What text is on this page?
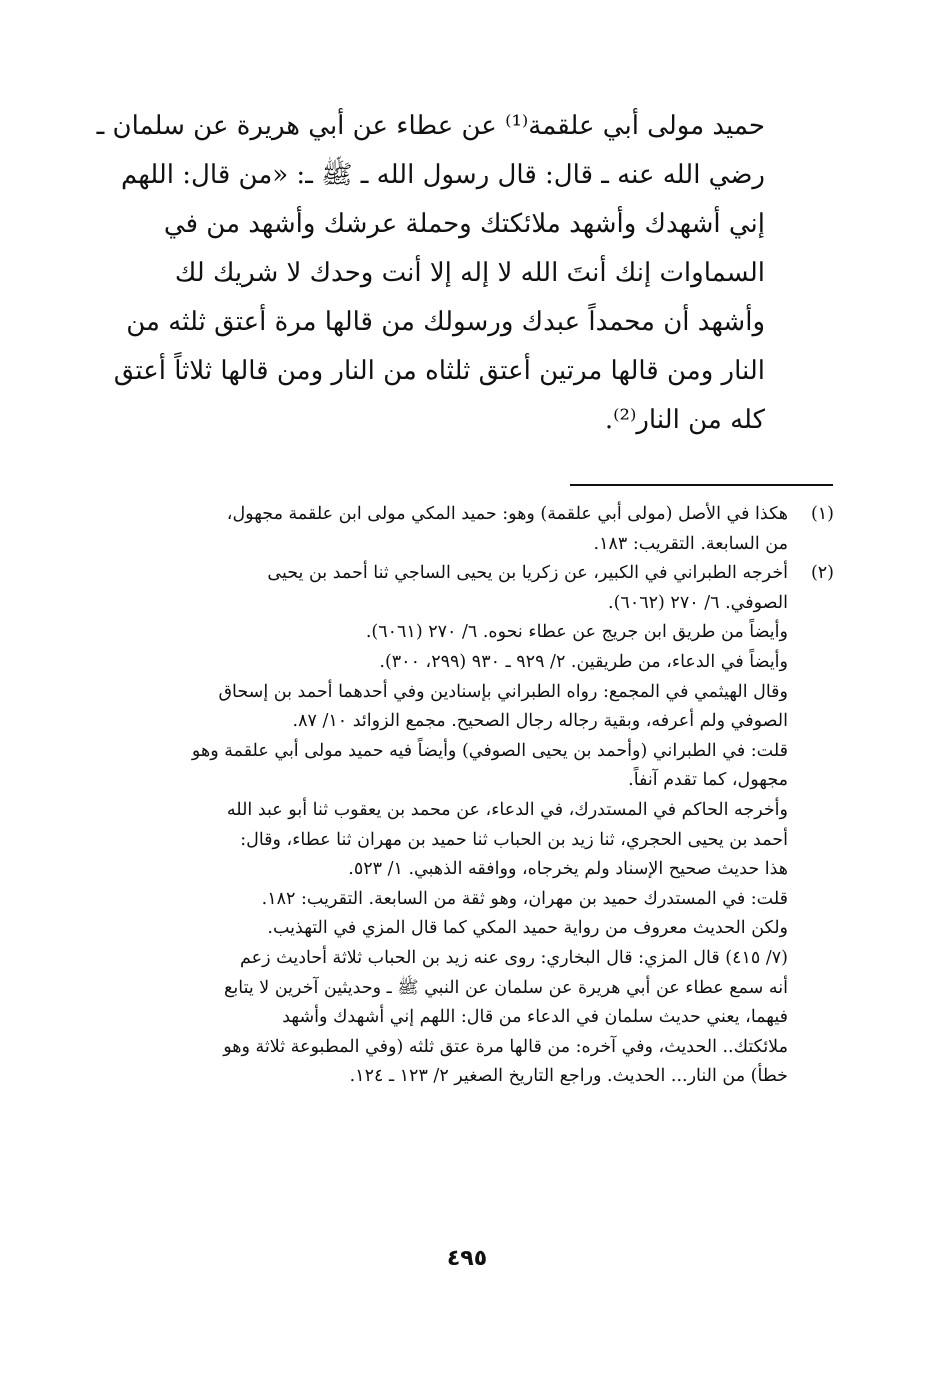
حميد مولى أبي علقمة⁽¹⁾ عن عطاء عن أبي هريرة عن سلمان ـ
رضي الله عنه ـ قال: قال رسول الله ـ ﷺ ـ: «من قال: اللهم
إني أشهدك وأشهد ملائكتك وحملة عرشك وأشهد من في
السماوات إنك أنتَ الله لا إله إلا أنت وحدك لا شريك لك
وأشهد أن محمداً عبدك ورسولك من قالها مرة أعتق ثلثه من
النار ومن قالها مرتين أعتق ثلثاه من النار ومن قالها ثلاثاً أعتق
كله من النار⁽²⁾.
(١)
هكذا في الأصل (مولى أبي علقمة) وهو: حميد المكي مولى ابن علقمة مجهول،
من السابعة. التقريب: ١٨٣.
(٢)
أخرجه الطبراني في الكبير، عن زكريا بن يحيى الساجي ثنا أحمد بن يحيى
الصوفي. ٦/ ٢٧٠ (٦٠٦٢).
وأيضاً من طريق ابن جريج عن عطاء نحوه. ٦/ ٢٧٠ (٦٠٦١).
وأيضاً في الدعاء، من طريقين. ٢/ ٩٢٩ ـ ٩٣٠ (٢٩٩، ٣٠٠).
وقال الهيثمي في المجمع: رواه الطبراني بإسنادين وفي أحدهما أحمد بن إسحاق
الصوفي ولم أعرفه، وبقية رجاله رجال الصحيح. مجمع الزوائد ١٠/ ٨٧.
قلت: في الطبراني (وأحمد بن يحيى الصوفي) وأيضاً فيه حميد مولى أبي علقمة وهو
مجهول، كما تقدم آنفاً.
وأخرجه الحاكم في المستدرك، في الدعاء، عن محمد بن يعقوب ثنا أبو عبد الله
أحمد بن يحيى الحجري، ثنا زيد بن الحباب ثنا حميد بن مهران ثنا عطاء، وقال:
هذا حديث صحيح الإسناد ولم يخرجاه، ووافقه الذهبي. ١/ ٥٢٣.
قلت: في المستدرك حميد بن مهران، وهو ثقة من السابعة. التقريب: ١٨٢.
ولكن الحديث معروف من رواية حميد المكي كما قال المزي في التهذيب.
(٧/ ٤١٥) قال المزي: قال البخاري: روى عنه زيد بن الحباب ثلاثة أحاديث زعم
أنه سمع عطاء عن أبي هريرة عن سلمان عن النبي ﷺ ـ وحديثين آخرين لا يتابع
فيهما، يعني حديث سلمان في الدعاء من قال: اللهم إني أشهدك وأشهد
ملائكتك.. الحديث، وفي آخره: من قالها مرة عتق ثلثه (وفي المطبوعة ثلاثة وهو
خطأ) من النار... الحديث. وراجع التاريخ الصغير ٢/ ١٢٣ ـ ١٢٤.
٤٩٥
